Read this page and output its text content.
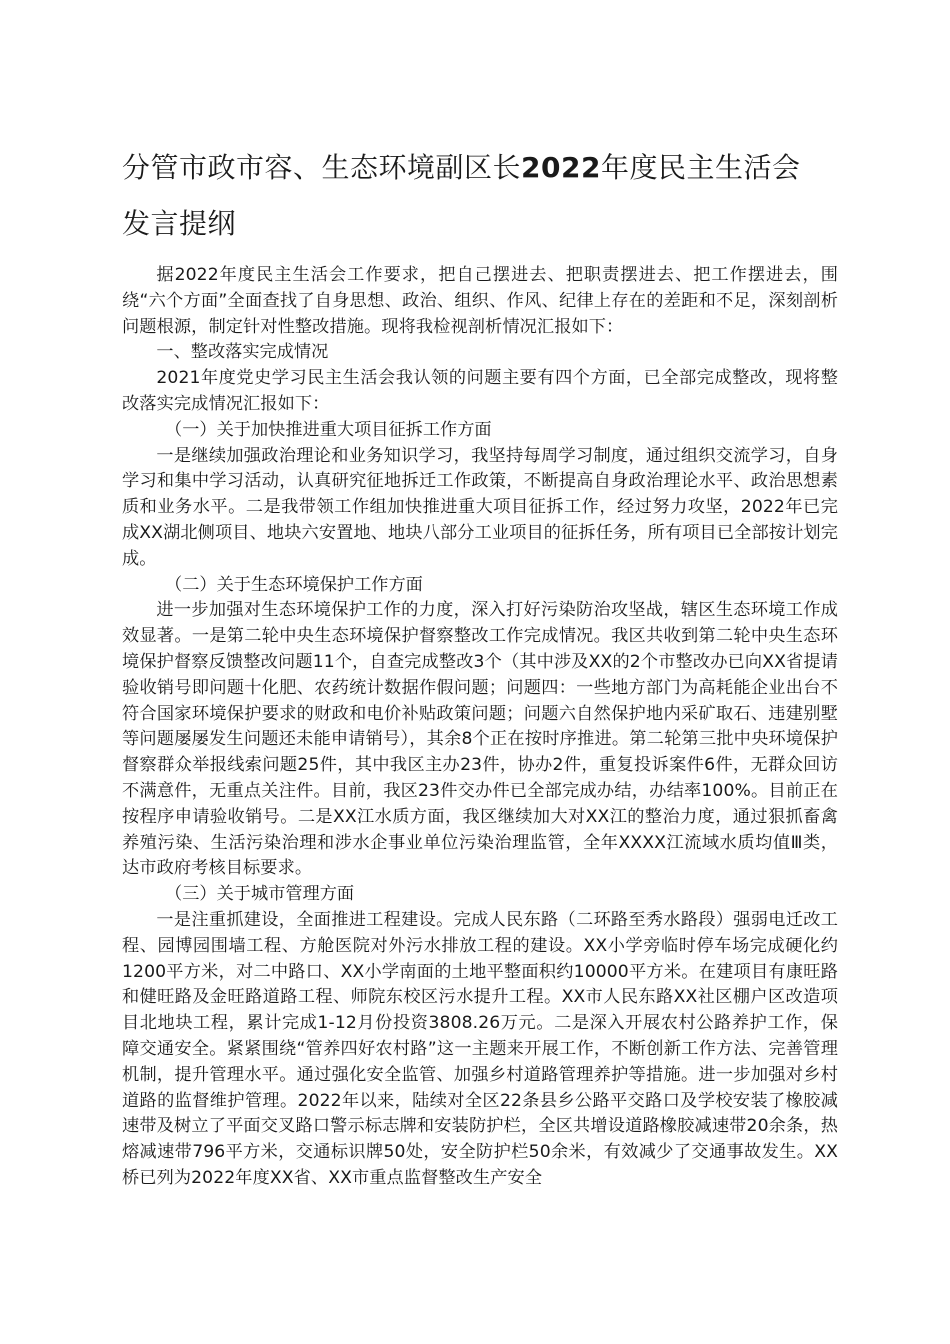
分管市政市容、生态环境副区长2022年度民主生活会
发言提纲

据2022年度民主生活会工作要求，把自己摆进去、把职责摆进去、把工作摆进去，围绕“六个方面”全面查找了自身思想、政治、组织、作风、纪律上存在的差距和不足，深刻剖析问题根源，制定针对性整改措施。现将我检视剖析情况汇报如下：

一、整改落实完成情况

2021年度党史学习民主生活会我认领的问题主要有四个方面，已全部完成整改，现将整改落实完成情况汇报如下：

（一）关于加快推进重大项目征拆工作方面

一是继续加强政治理论和业务知识学习，我坚持每周学习制度，通过组织交流学习，自身学习和集中学习活动，认真研究征地拆迁工作政策，不断提高自身政治理论水平、政治思想素质和业务水平。二是我带领工作组加快推进重大项目征拆工作，经过努力攻坚，2022年已完成XX湖北侧项目、地块六安置地、地块八部分工业项目的征拆任务，所有项目已全部按计划完成。

（二）关于生态环境保护工作方面

进一步加强对生态环境保护工作的力度，深入打好污染防治攻坚战，辖区生态环境工作成效显著。一是第二轮中央生态环境保护督察整改工作完成情况。我区共收到第二轮中央生态环境保护督察反馈整改问题11个，自查完成整改3个（其中涉及XX的2个市整改办已向XX省提请验收销号即问题十化肥、农药统计数据作假问题；问题四：一些地方部门为高耗能企业出台不符合国家环境保护要求的财政和电价补贴政策问题；问题六自然保护地内采矿取石、违建别墅等问题屡屡发生问题还未能申请销号），其余8个正在按时序推进。第二轮第三批中央环境保护督察群众举报线索问题25件，其中我区主办23件，协办2件，重复投诉案件6件，无群众回访不满意件，无重点关注件。目前，我区23件交办件已全部完成办结，办结率100%。目前正在按程序申请验收销号。二是XX江水质方面，我区继续加大对XX江的整治力度，通过狠抓畜禽养殖污染、生活污染治理和涉水企事业单位污染治理监管，全年XXXX江流域水质均值Ⅲ类，达市政府考核目标要求。

（三）关于城市管理方面

一是注重抓建设，全面推进工程建设。完成人民东路（二环路至秀水路段）强弱电迁改工程、园博园围墙工程、方舱医院对外污水排放工程的建设。XX小学旁临时停车场完成硬化约1200平方米，对二中路口、XX小学南面的土地平整面积约10000平方米。在建项目有康旺路和健旺路及金旺路道路工程、师院东校区污水提升工程。XX市人民东路XX社区棚户区改造项目北地块工程，累计完成1-12月份投资3808.26万元。二是深入开展农村公路养护工作，保障交通安全。紧紧围绕“管养四好农村路”这一主题来开展工作，不断创新工作方法、完善管理机制，提升管理水平。通过强化安全监管、加强乡村道路管理养护等措施。进一步加强对乡村道路的监督维护管理。2022年以来，陆续对全区22条县乡公路平交路口及学校安装了橡胶减速带及树立了平面交叉路口警示标志牌和安装防护栏，全区共增设道路橡胶减速带20余条，热熔减速带796平方米，交通标识牌50处，安全防护栏50余米，有效减少了交通事故发生。XX桥已列为2022年度XX省、XX市重点监督整改生产安全
